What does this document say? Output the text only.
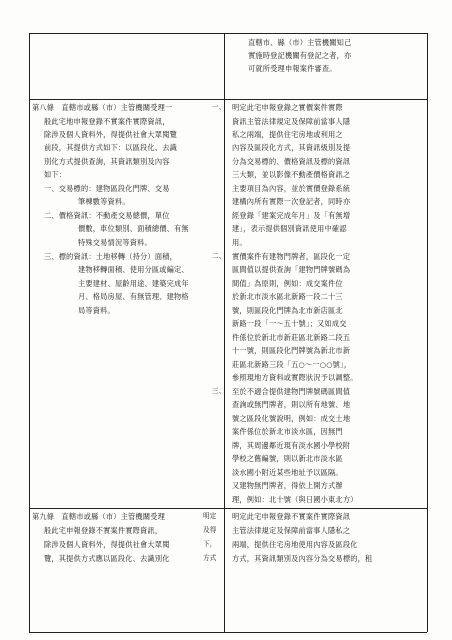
直轄市、縣（市）主管機關知己
實施時登記機關有登記之者，亦
可就所受理申報案件審查。
第八條　直轄市或縣（市）主管機關受理一
般此宅地申報登錄不實案件實際資訊，
除涉及個人資料外，得提供社會大眾閱覽
前段，其提供方式如下：以區段化、去識
別化方式提供查詢，其資訊類別及內容
如下：
一、交易標的：建物區段化門牌、交易
筆棟數等資料。
二、價格資訊：不動產交易總價，單位
價數，車位類別、面積總價、有無
特殊交易情況等資料。
三、標的資訊：土地移轉（持分）面積，
建物移轉面積、使用分區或編定、
主要建材、屋齡用途、建築完成年
月、格局房屋、有無管理、建物格
局等資料。
一、 明定此宅申報登錄之實價案件實際
資訊主管法律規定及保障前當事人隱
私之兩端，提供住宅房地或利用之
內容及區段化方式，其資訊級別及提
分為交易標的、價格資訊及標的資訊
三大類，並以影像不動產價格資訊之
主要項目為內容，並於實價登錄系統
建構內所有實際一次登記者，同時亦
經登錄「建案完成年月」及「有無增
建」，表示提供個別資訊使用中確認
用。
二、 實價案件有建物門牌者，區段化一定
區間值以提供查詢「建物門牌號碼為
間值」為原則，例如：成交案件位
於新北市淡水區北新路一段二十三
號，則區段化門牌為北市新店區北
新路一段「一～五十號」；又如成交
件係位於新北市新莊區北新路二段五
十一號，則區段化門牌號為新北市新
莊區北新路三段「五○～一○○號」，
參照現地方資料或實際狀況予以調整。
三、 至於不適合提供建物門牌號碼區間值
查詢或無門牌者，則以所有地號、地
號之區段化號說明，例如：成交土地
案件係位於新北市淡水區，因無門
牌，其周邊鄰近現有淡水國小學校附
學校之舊編號，則以新北市淡水區
淡水國小附近某些地址予以區隔。
又建物無門牌者，得依上開方式辦
理，例如：北十號（與日國小東北方）
第九條　直轄市或縣（市）主管機關受理
般此宅申報登錄不實案件實際資訊，
除涉及個人資料外，得提供社會大眾閱
覽，其提供方式應以區段化、去識別化
明定
及得
下，
方式
明定此宅申報登錄不實案件實際資訊
主管法律規定及保障前當事人隱私之
兩端，提供住宅房地使用內容及區段化
方式，其資訊類別及內容分為交易標的，租
